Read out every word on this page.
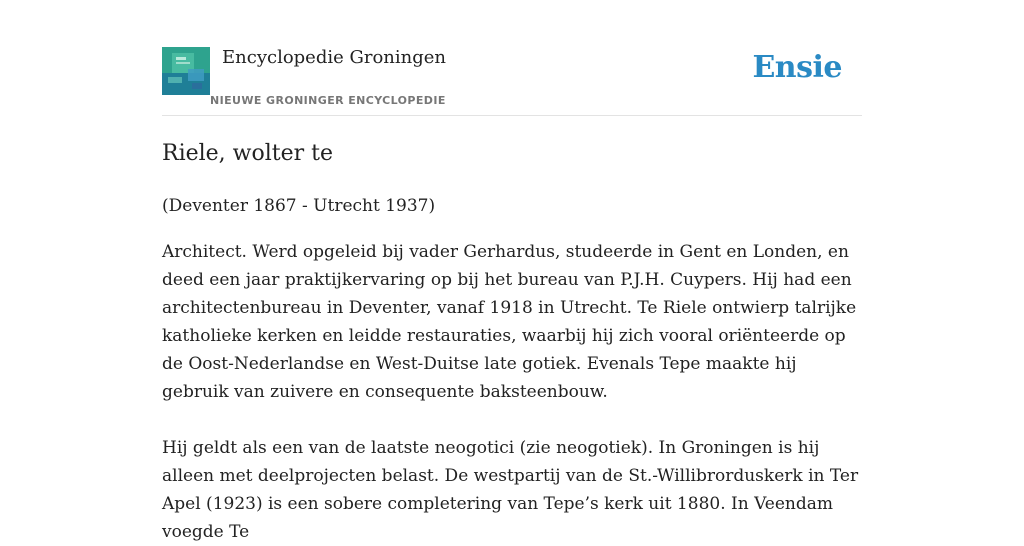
Encyclopedie Groningen
NIEUWE GRONINGER ENCYCLOPEDIE
Ensie
Riele, wolter te
(Deventer 1867 - Utrecht 1937)

Architect. Werd opgeleid bij vader Gerhardus, studeerde in Gent en Londen, en deed een jaar praktijkervaring op bij het bureau van P.J.H. Cuypers. Hij had een architectenbureau in Deventer, vanaf 1918 in Utrecht. Te Riele ontwierp talrijke katholieke kerken en leidde restauraties, waarbij hij zich vooral oriënteerde op de Oost-Nederlandse en West-Duitse late gotiek. Evenals Tepe maakte hij gebruik van zuivere en consequente baksteenbouw.

Hij geldt als een van de laatste neogotici (zie neogotiek). In Groningen is hij alleen met deelprojecten belast. De westpartij van de St.-Willibrorduskerk in Ter Apel (1923) is een sobere completering van Tepe’s kerk uit 1880. In Veendam voegde Te
